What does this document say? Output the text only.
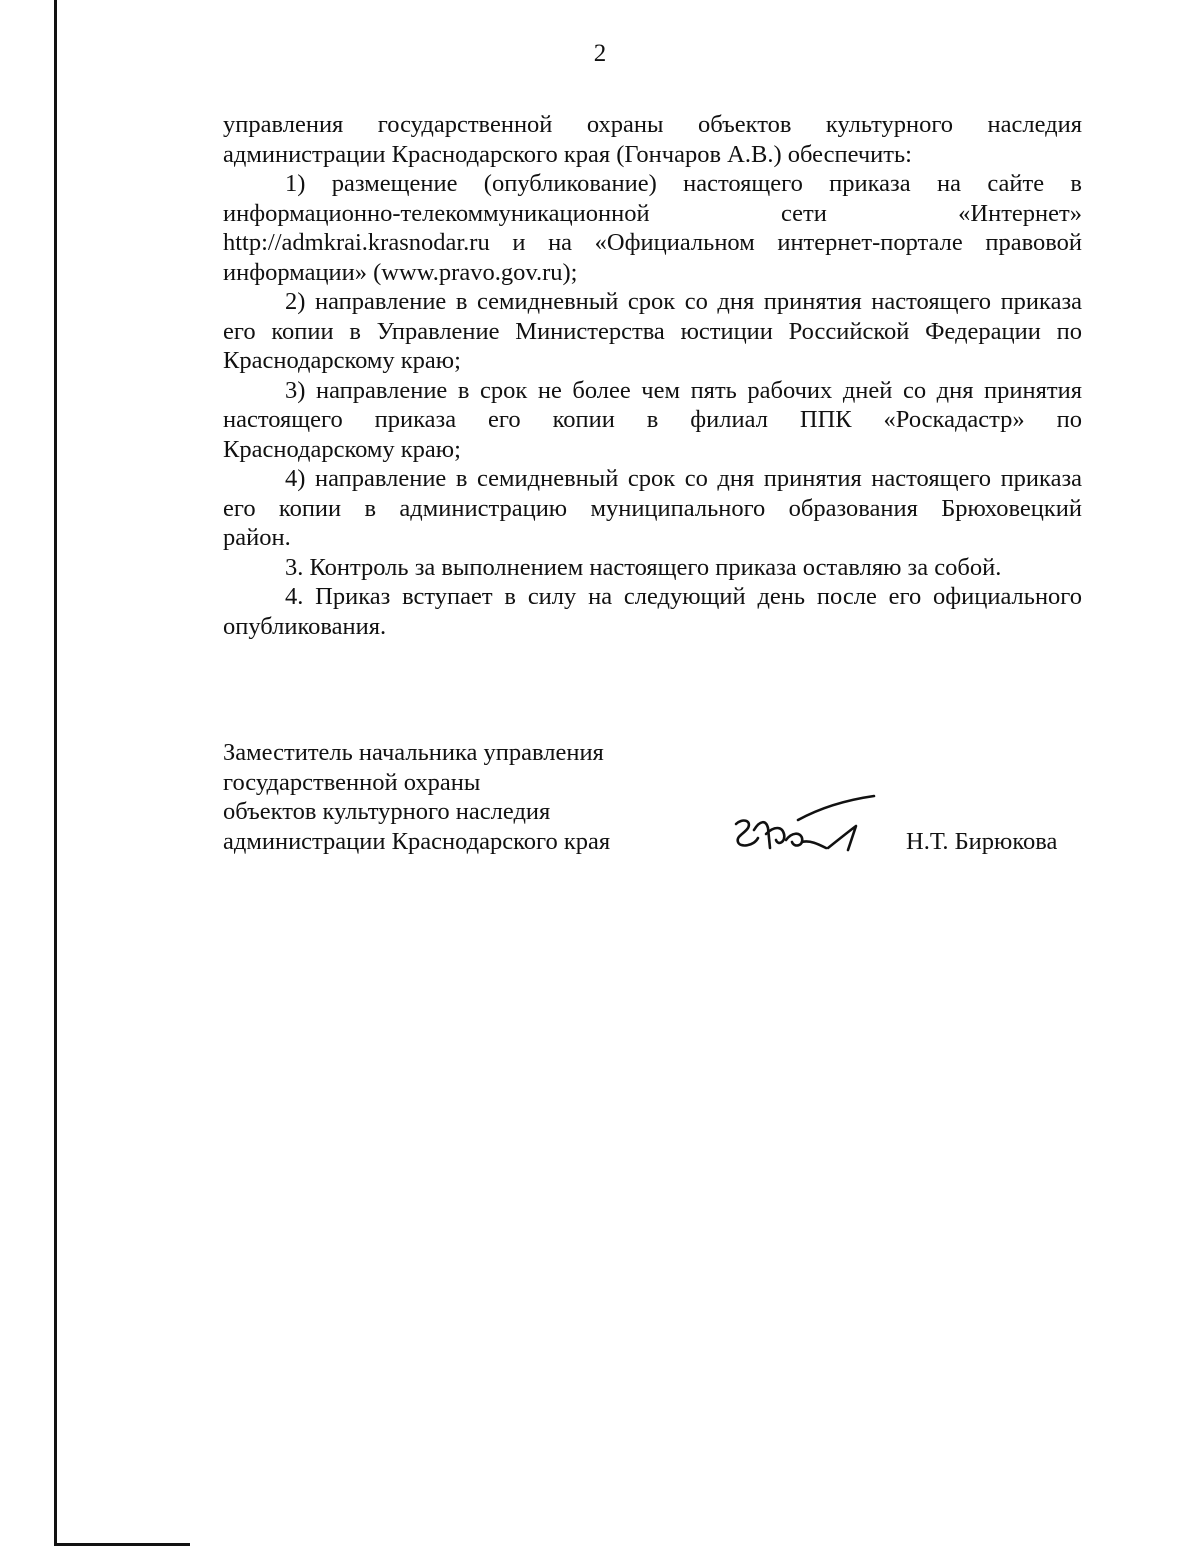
2

управления государственной охраны объектов культурного наследия
администрации Краснодарского края (Гончаров А.В.) обеспечить:

1) размещение (опубликование) настоящего приказа на сайте в
информационно-телекоммуникационной сети «Интернет»
http://admkrai.krasnodar.ru и на «Официальном интернет-портале правовой
информации» (www.pravo.gov.ru);

2) направление в семидневный срок со дня принятия настоящего приказа
его копии в Управление Министерства юстиции Российской Федерации по
Краснодарскому краю;

3) направление в срок не более чем пять рабочих дней со дня принятия
настоящего приказа его копии в филиал ППК «Роскадастр» по
Краснодарскому краю;

4) направление в семидневный срок со дня принятия настоящего приказа
его копии в администрацию муниципального образования Брюховецкий
район.

3. Контроль за выполнением настоящего приказа оставляю за собой.

4. Приказ вступает в силу на следующий день после его официального
опубликования.

Заместитель начальника управления
государственной охраны
объектов культурного наследия
администрации Краснодарского края	Н.Т. Бирюкова
